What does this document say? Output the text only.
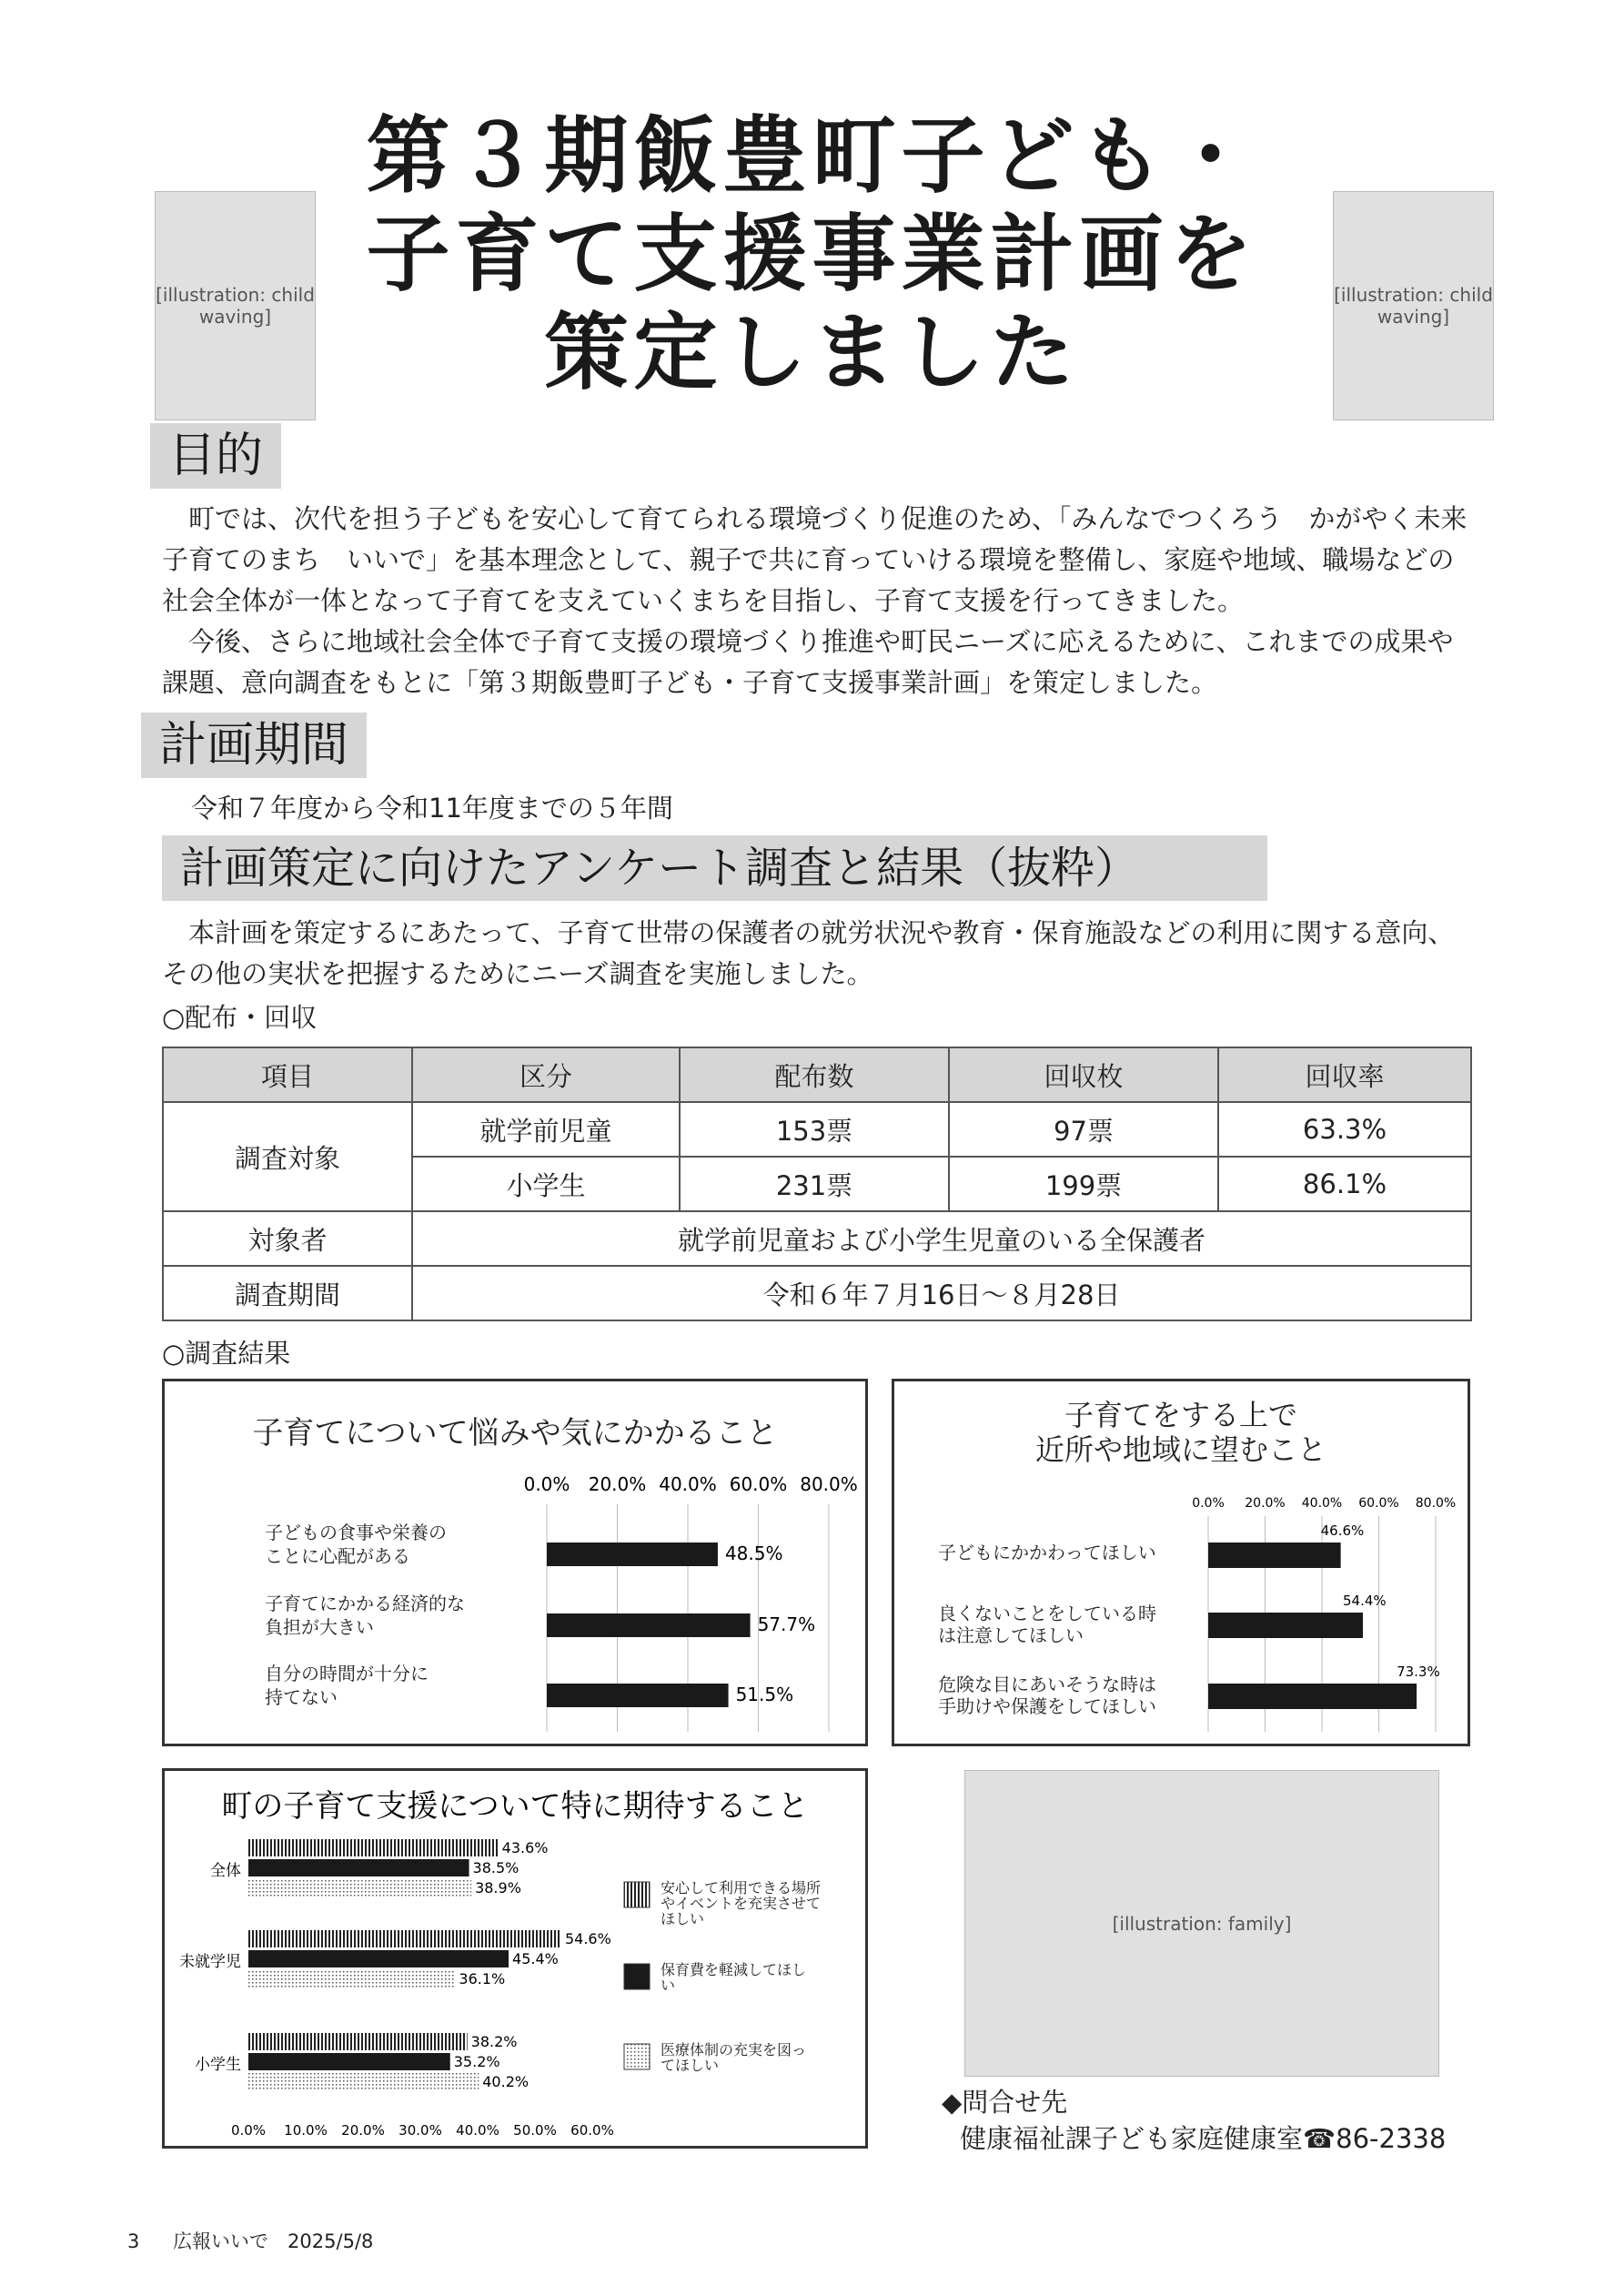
第３期飯豊町子ども・
子育て支援事業計画を
策定しました
[illustration: child waving]
[illustration: child waving]
目的

町では、次代を担う子どもを安心して育てられる環境づくり促進のため、「みんなでつくろう　かがやく未来　子育てのまち　いいで」を基本理念として、親子で共に育っていける環境を整備し、家庭や地域、職場などの社会全体が一体となって子育てを支えていくまちを目指し、子育て支援を行ってきました。

今後、さらに地域社会全体で子育て支援の環境づくり推進や町民ニーズに応えるために、これまでの成果や課題、意向調査をもとに「第３期飯豊町子ども・子育て支援事業計画」を策定しました。

計画期間
令和７年度から令和11年度までの５年間
計画策定に向けたアンケート調査と結果（抜粋）

本計画を策定するにあたって、子育て世帯の保護者の就労状況や教育・保育施設などの利用に関する意向、その他の実状を把握するためにニーズ調査を実施しました。

○配布・回収
項目	区分	配布数	回収枚	回収率
調査対象	就学前児童	153票	97票	63.3%
	小学生	231票	199票	86.1%
対象者	就学前児童および小学生児童のいる全保護者			
調査期間	令和６年７月16日～８月28日			
○調査結果
子育てについて悩みや気にかかること
0.0% 20.0% 40.0% 60.0% 80.0%
子どもの食事や栄養のことに心配がある	48.5%
子育てにかかる経済的な負担が大きい	57.7%
自分の時間が十分に持てない	51.5%
子育てをする上で近所や地域に望むこと
0.0% 20.0% 40.0% 60.0% 80.0%
子どもにかかわってほしい
46.6%
良くないことをしている時は注意してほしい
54.4%
危険な目にあいそうな時は手助けや保護をしてほしい
73.3%
町の子育て支援について特に期待すること
0.0% 10.0% 20.0% 30.0% 40.0% 50.0% 60.0%
全体
43.6%
38.5%
38.9%
未就学児
54.6%
45.4%
36.1%
小学生
38.2%
35.2%
40.2%
安心して利用できる場所やイベントを充実させてほしい
保育費を軽減してほしい
医療体制の充実を図ってほしい
[illustration: family]
◆問合せ先
健康福祉課子ども家庭健康室☎86-2338
3 広報いいで　2025/5/8
